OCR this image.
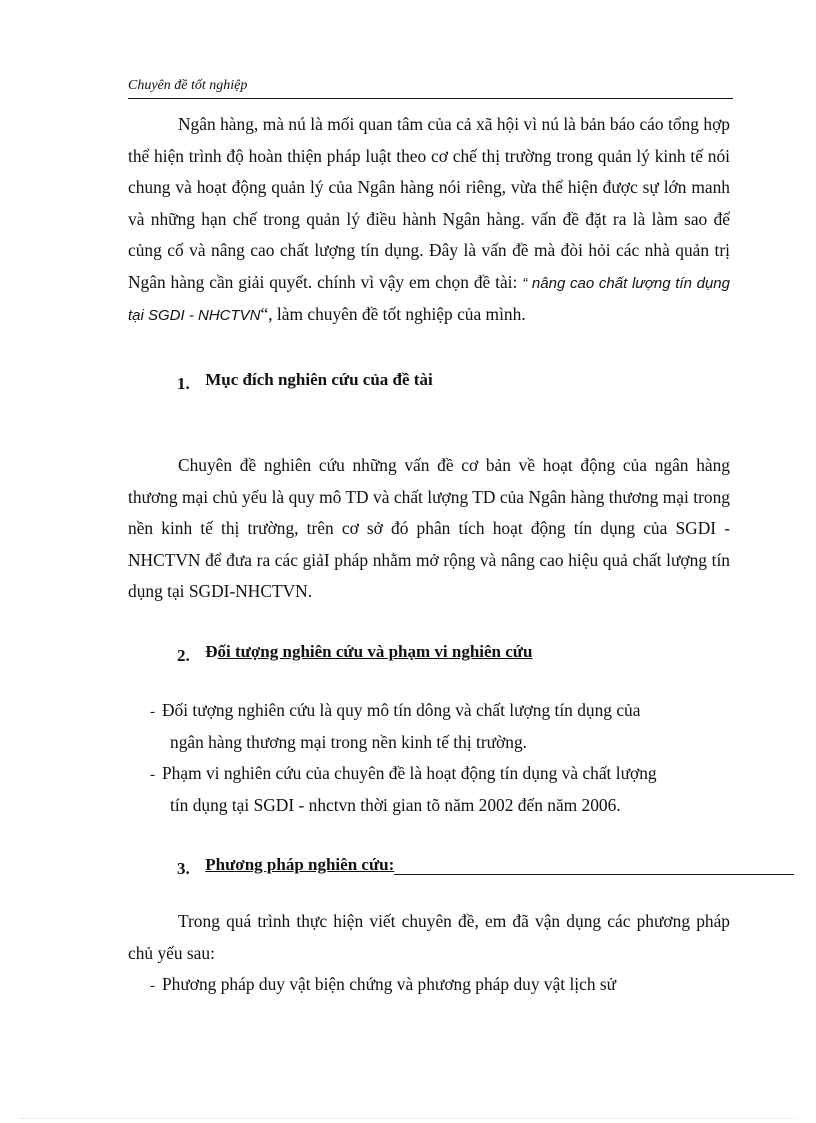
Chuyên đề tốt nghiệp
Ngân hàng, mà nú là mối quan tâm của cả xã hội vì nú là bản báo cáo tổng hợp thể hiện trình độ hoàn thiện pháp luật theo cơ chế thị trường trong quản lý kinh tế nói chung và hoạt động quản lý của Ngân hàng nói riêng, vừa thể hiện được sự lớn manh và những hạn chế trong quản lý điều hành Ngân hàng. vấn đề đặt ra là làm sao để củng cố và nâng cao chất lượng tín dụng. Đây là vấn đề mà đòi hỏi các nhà quản trị Ngân hàng cần giải quyết. chính vì vậy em chọn đề tài: “ nâng cao chất lượng tín dụng tại SGDI - NHCTVN“, làm chuyên đề tốt nghiệp của mình.
1. Mục đích nghiên cứu của đề tài
Chuyên đề nghiên cứu những vấn đề cơ bản về hoạt động của ngân hàng thương mại chủ yếu là quy mô TD và chất lượng TD của Ngân hàng thương mại trong nền kinh tế thị trường, trên cơ sở đó phân tích hoạt động tín dụng của SGDI - NHCTVN để đưa ra các giảI pháp nhằm mở rộng và nâng cao hiệu quả chất lượng tín dụng tại SGDI-NHCTVN.
2. Đối tượng nghiên cứu và phạm vi nghiên cứu
- Đối tượng nghiên cứu là quy mô tín dông và chất lượng tín dụng của
ngân hàng thương mại trong nền kinh tế thị trường.
- Phạm vi nghiên cứu của chuyên đề là hoạt động tín dụng và chất lượng
tín dụng tại SGDI - nhctvn thời gian tõ năm 2002 đến năm 2006.
3. Phương pháp nghiên cứu:
Trong quá trình thực hiện viết chuyên đề, em đã vận dụng các phương pháp chủ yếu sau:
- Phương pháp duy vật biện chứng và phương pháp duy vật lịch sử
